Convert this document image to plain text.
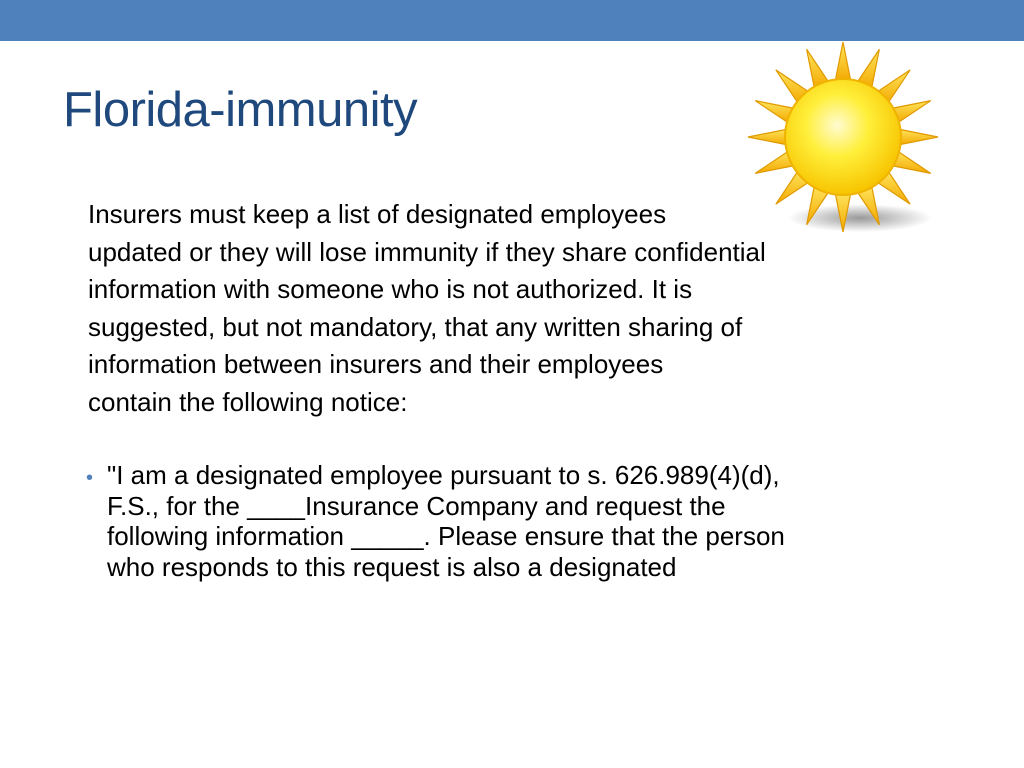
Florida-immunity
Insurers must keep a list of designated employees
updated or they will lose immunity if they share confidential
information with someone who is not authorized. It is
suggested, but not mandatory, that any written sharing of
information between insurers and their employees
contain the following notice:
• "I am a designated employee pursuant to s. 626.989(4)(d),
F.S., for the ____Insurance Company and request the
following information _____. Please ensure that the person
who responds to this request is also a designated
